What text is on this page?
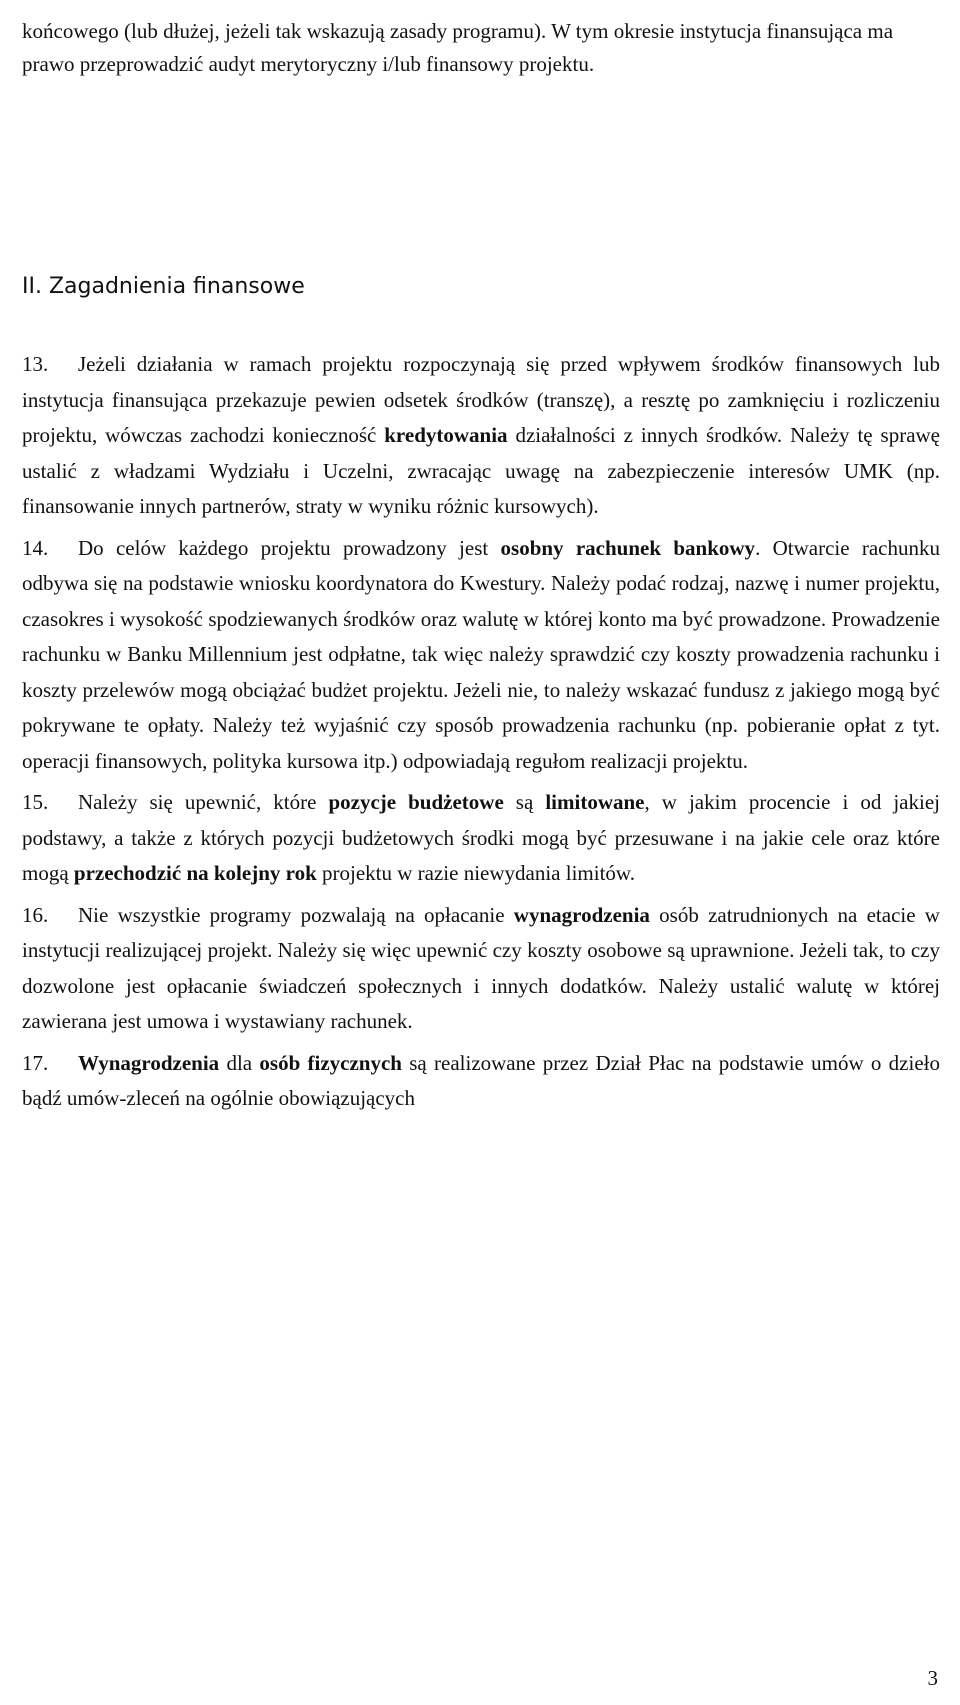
końcowego (lub dłużej, jeżeli tak wskazują zasady programu). W tym okresie instytucja finansująca ma prawo przeprowadzić audyt merytoryczny i/lub finansowy projektu.

II. Zagadnienia finansowe
13.	Jeżeli działania w ramach projektu rozpoczynają się przed wpływem środków finansowych lub instytucja finansująca przekazuje pewien odsetek środków (transzę), a resztę po zamknięciu i rozliczeniu projektu, wówczas zachodzi konieczność kredytowania działalności z innych środków. Należy tę sprawę ustalić z władzami Wydziału i Uczelni, zwracając uwagę na zabezpieczenie interesów UMK (np. finansowanie innych partnerów, straty w wyniku różnic kursowych).
14.	Do celów każdego projektu prowadzony jest osobny rachunek bankowy. Otwarcie rachunku odbywa się na podstawie wniosku koordynatora do Kwestury. Należy podać rodzaj, nazwę i numer projektu, czasokres i wysokość spodziewanych środków oraz walutę w której konto ma być prowadzone. Prowadzenie rachunku w Banku Millennium jest odpłatne, tak więc należy sprawdzić czy koszty prowadzenia rachunku i koszty przelewów mogą obciążać budżet projektu. Jeżeli nie, to należy wskazać fundusz z jakiego mogą być pokrywane te opłaty. Należy też wyjaśnić czy sposób prowadzenia rachunku (np. pobieranie opłat z tyt. operacji finansowych, polityka kursowa itp.) odpowiadają regułom realizacji projektu.
15.	Należy się upewnić, które pozycje budżetowe są limitowane, w jakim procencie i od jakiej podstawy, a także z których pozycji budżetowych środki mogą być przesuwane i na jakie cele oraz które mogą przechodzić na kolejny rok projektu w razie niewydania limitów.
16.	Nie wszystkie programy pozwalają na opłacanie wynagrodzenia osób zatrudnionych na etacie w instytucji realizującej projekt. Należy się więc upewnić czy koszty osobowe są uprawnione. Jeżeli tak, to czy dozwolone jest opłacanie świadczeń społecznych i innych dodatków. Należy ustalić walutę w której zawierana jest umowa i wystawiany rachunek.
17.	Wynagrodzenia dla osób fizycznych są realizowane przez Dział Płac na podstawie umów o dzieło bądź umów-zleceń na ogólnie obowiązujących
3
